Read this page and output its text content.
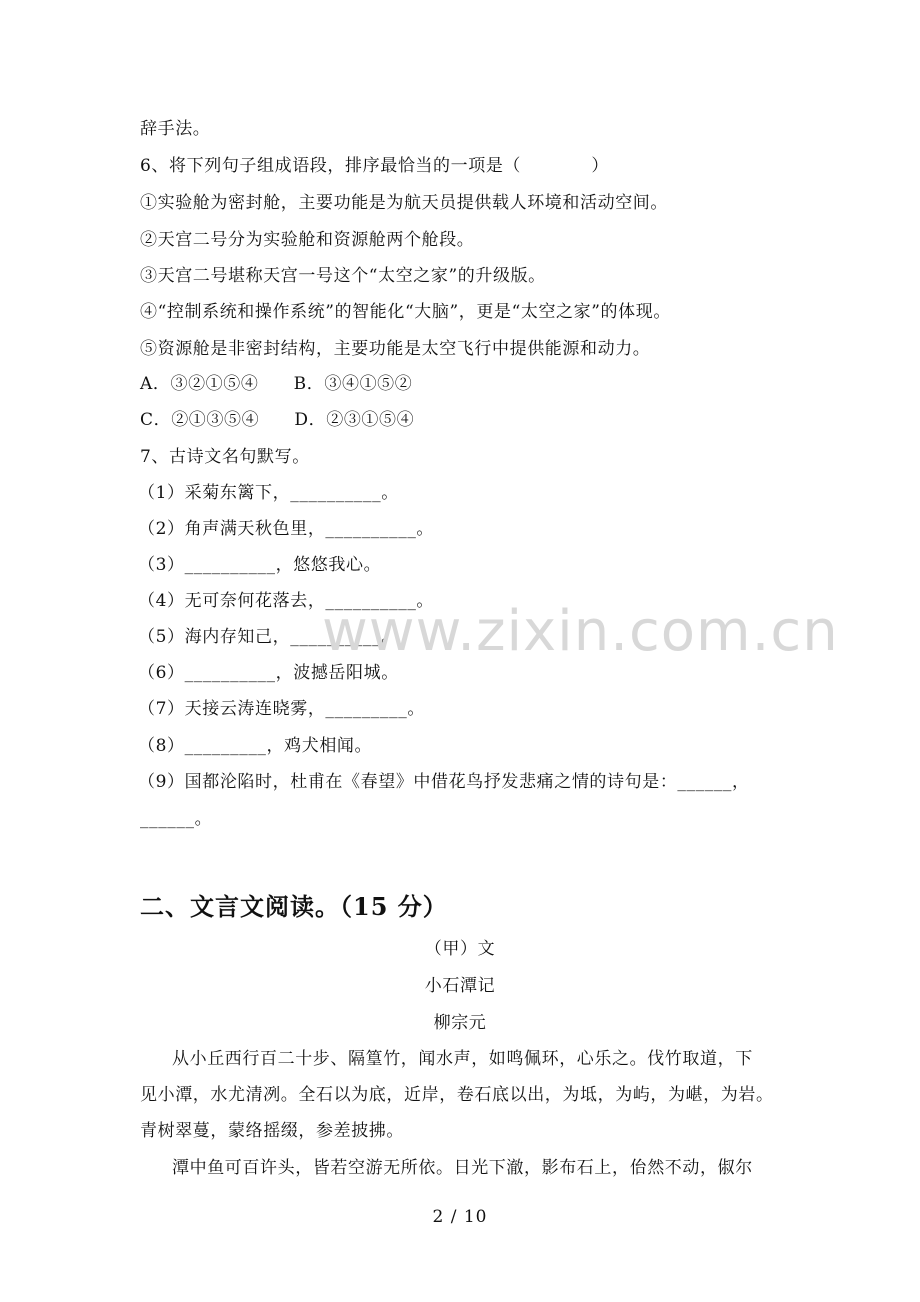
辞手法。
6、将下列句子组成语段，排序最恰当的一项是（　　　　）
①实验舱为密封舱，主要功能是为航天员提供载人环境和活动空间。
②天宫二号分为实验舱和资源舱两个舱段。
③天宫二号堪称天宫一号这个“太空之家”的升级版。
④“控制系统和操作系统”的智能化“大脑”，更是“太空之家”的体现。
⑤资源舱是非密封结构，主要功能是太空飞行中提供能源和动力。
A．③②①⑤④　　B．③④①⑤②
C．②①③⑤④　　D．②③①⑤④
7、古诗文名句默写。
（1）采菊东篱下，__________。
（2）角声满天秋色里，__________。
（3）__________，悠悠我心。
（4）无可奈何花落去，__________。
（5）海内存知己，__________。
（6）__________，波撼岳阳城。
（7）天接云涛连晓雾，_________。
（8）_________，鸡犬相闻。
（9）国都沦陷时，杜甫在《春望》中借花鸟抒发悲痛之情的诗句是：______，
______。
二、文言文阅读。（15 分）
（甲）文
小石潭记
柳宗元
从小丘西行百二十步、隔篁竹，闻水声，如鸣佩环，心乐之。伐竹取道，下
见小潭，水尤清冽。全石以为底，近岸，卷石底以出，为坻，为屿，为嵁，为岩。
青树翠蔓，蒙络摇缀，参差披拂。
潭中鱼可百许头，皆若空游无所依。日光下澈，影布石上，佁然不动，俶尔
www.zixin.com.cn
2 / 10
